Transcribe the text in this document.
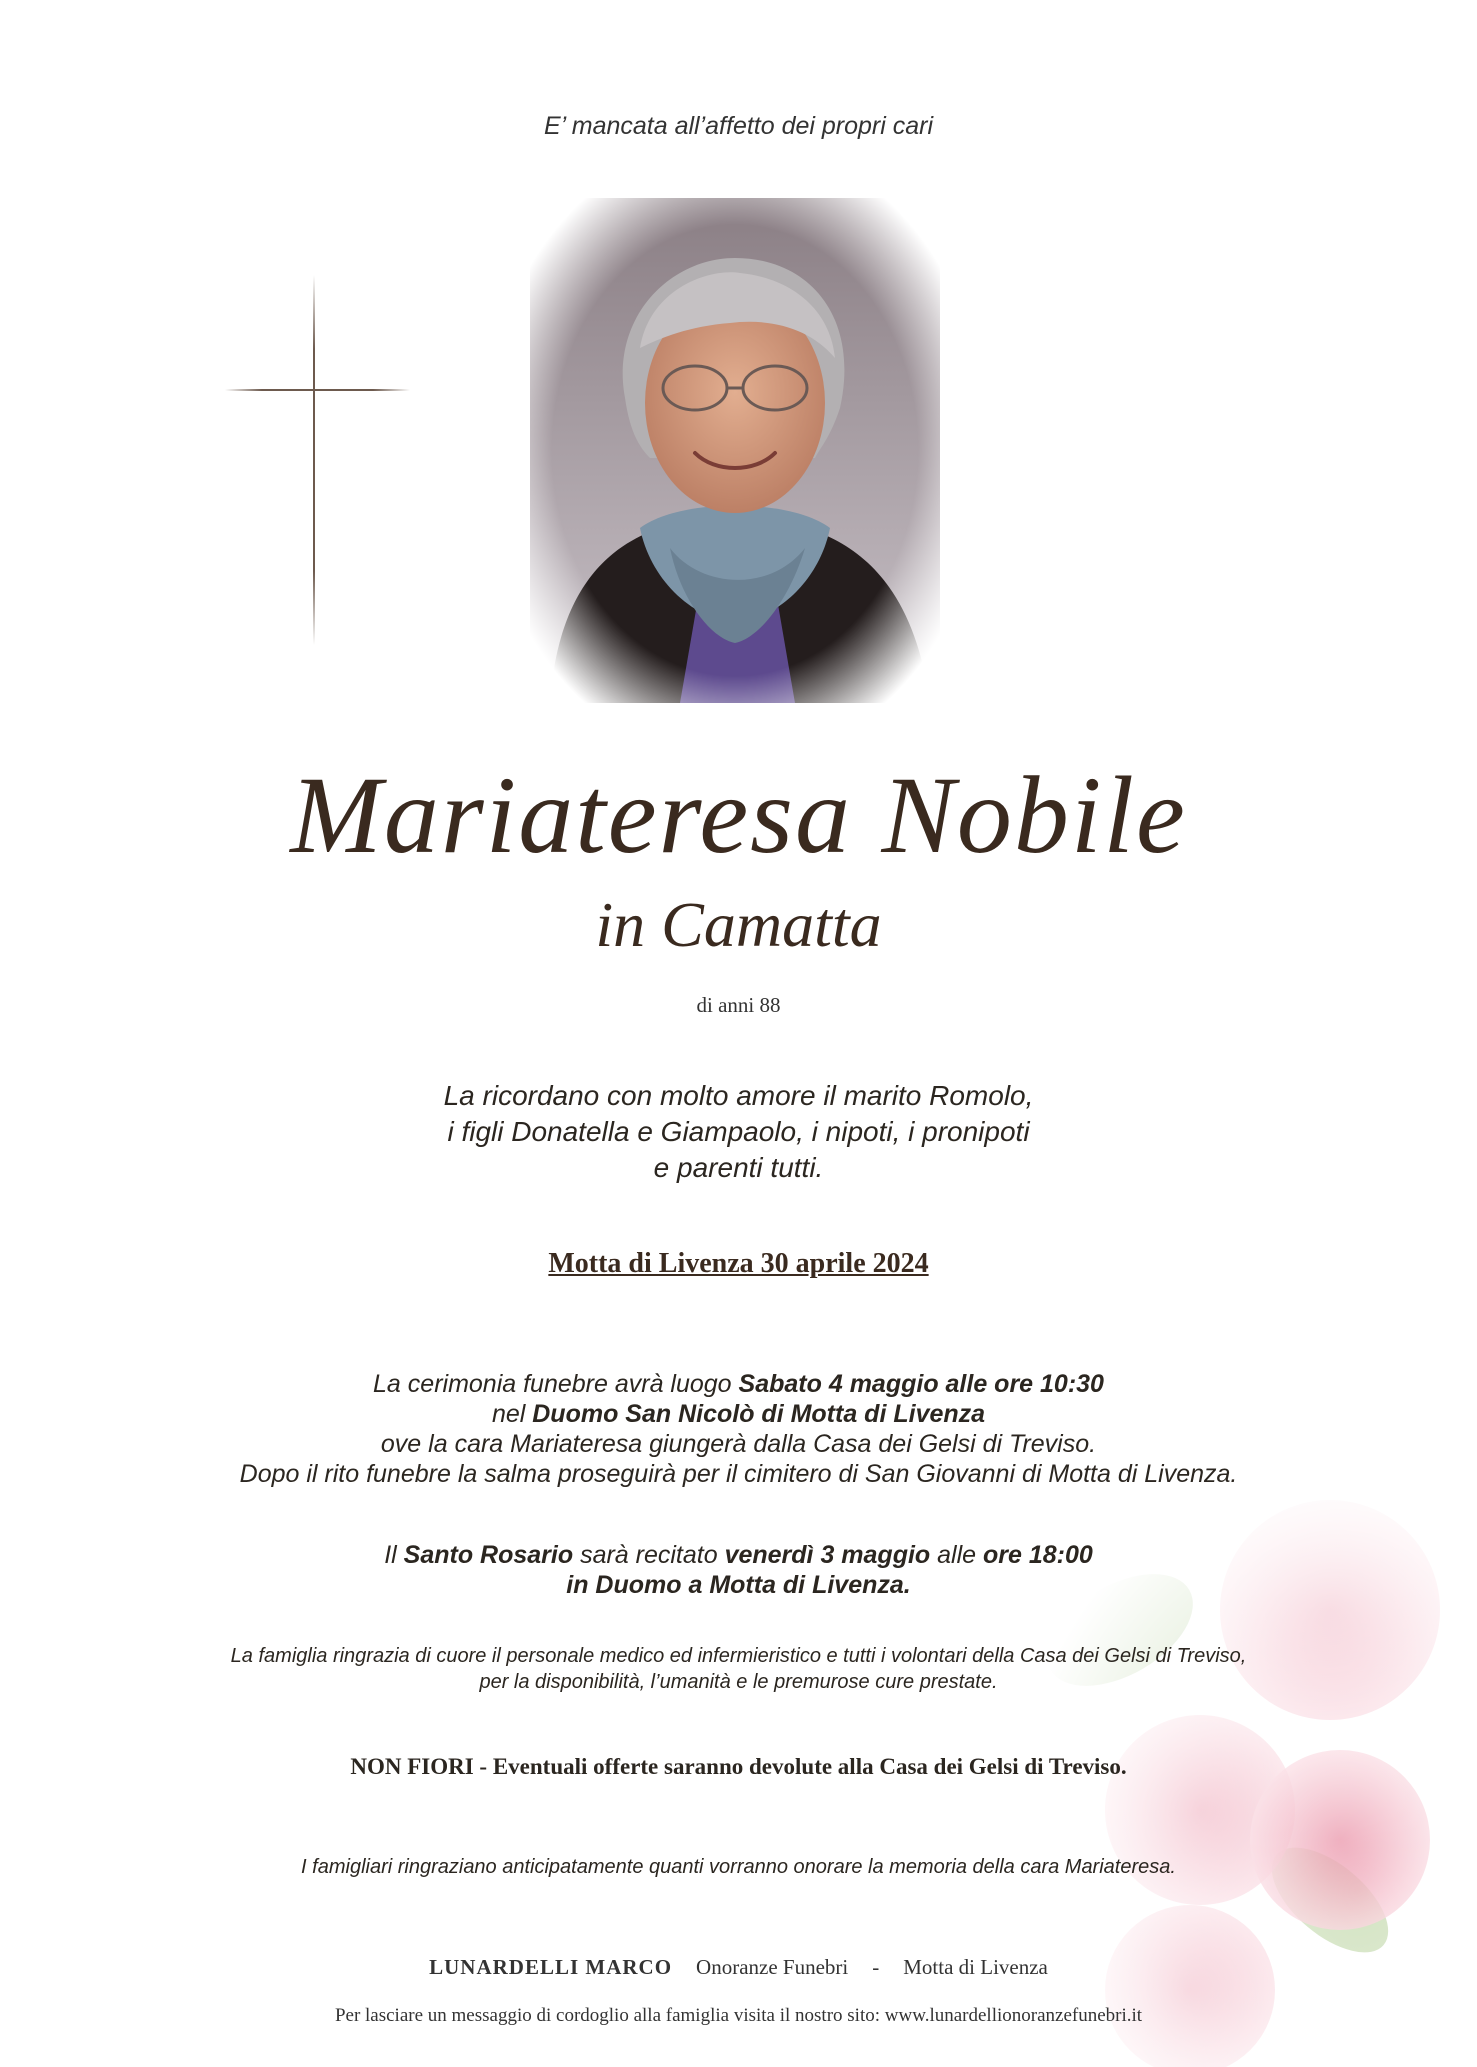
E’ mancata all’affetto dei propri cari
Mariateresa Nobile
in Camatta
di anni 88
La ricordano con molto amore il marito Romolo,
i figli Donatella e Giampaolo, i nipoti, i pronipoti
e parenti tutti.
Motta di Livenza 30 aprile 2024
La cerimonia funebre avrà luogo Sabato 4 maggio alle ore 10:30
nel Duomo San Nicolò di Motta di Livenza
ove la cara Mariateresa giungerà dalla Casa dei Gelsi di Treviso.
Dopo il rito funebre la salma proseguirà per il cimitero di San Giovanni di Motta di Livenza.
Il Santo Rosario sarà recitato venerdì 3 maggio alle ore 18:00
in Duomo a Motta di Livenza.
La famiglia ringrazia di cuore il personale medico ed infermieristico e tutti i volontari della Casa dei Gelsi di Treviso,
per la disponibilità, l’umanità e le premurose cure prestate.
NON FIORI - Eventuali offerte saranno devolute alla Casa dei Gelsi di Treviso.
I famigliari ringraziano anticipatamente quanti vorranno onorare la memoria della cara Mariateresa.
LUNARDELLI MARCO Onoranze Funebri - Motta di Livenza
Per lasciare un messaggio di cordoglio alla famiglia visita il nostro sito: www.lunardellionoranzefunebri.it
